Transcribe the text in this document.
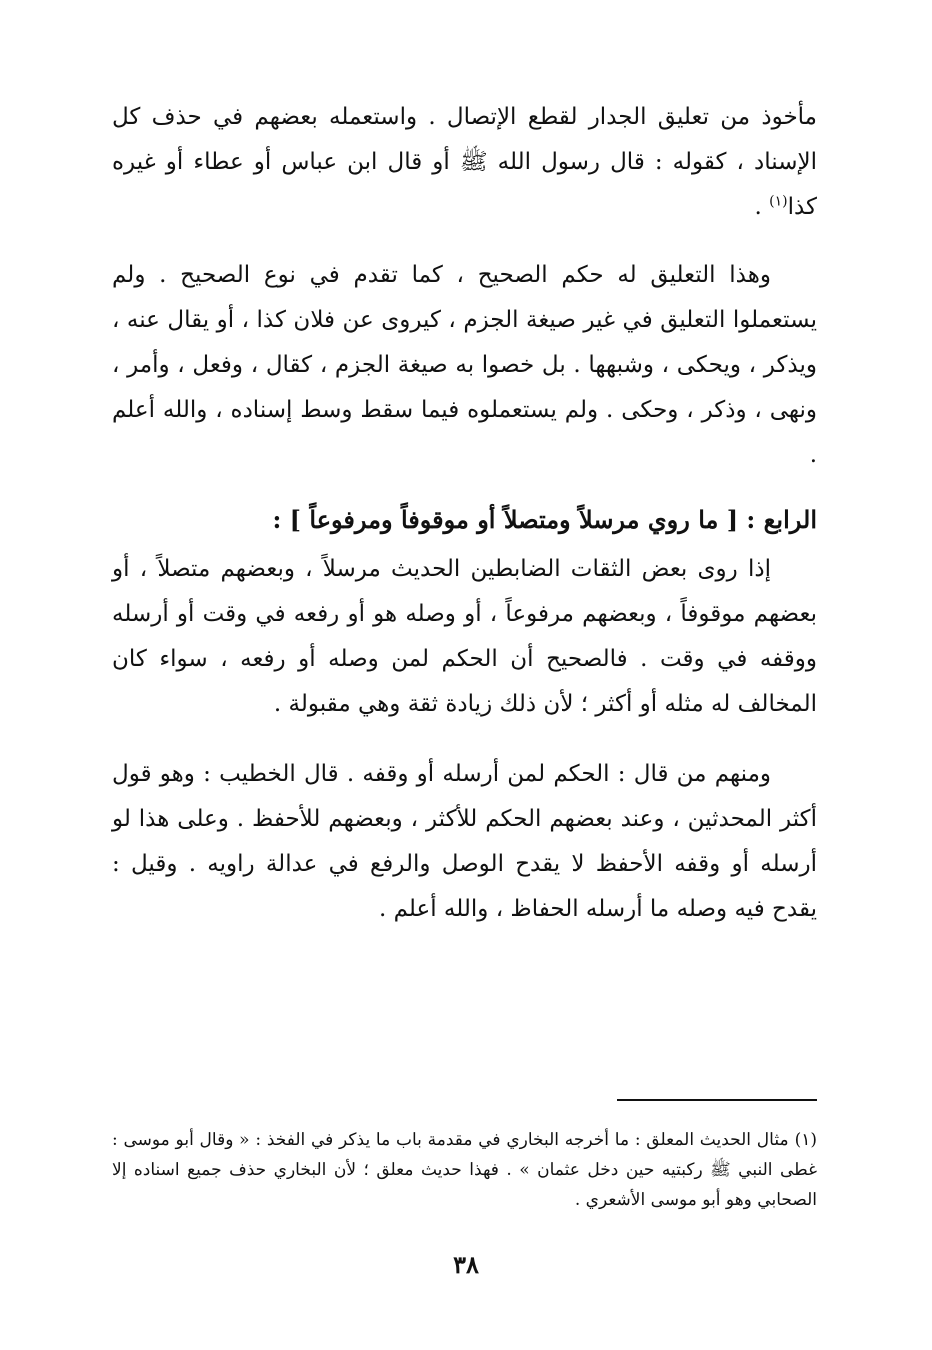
مأخوذ من تعليق الجدار لقطع الإتصال . واستعمله بعضهم في حذف كل الإسناد ، كقوله : قال رسول الله ﷺ أو قال ابن عباس أو عطاء أو غيره كذا$^{(١)}$ .

وهذا التعليق له حكم الصحيح ، كما تقدم في نوع الصحيح . ولم يستعملوا التعليق في غير صيغة الجزم ، كيروى عن فلان كذا ، أو يقال عنه ، ويذكر ، ويحكى ، وشبهها . بل خصوا به صيغة الجزم ، كقال ، وفعل ، وأمر ، ونهى ، وذكر ، وحكى . ولم يستعملوه فيما سقط وسط إسناده ، والله أعلم .

الرابع : [ ما روي مرسلاً ومتصلاً أو موقوفاً ومرفوعاً ] :

إذا روى بعض الثقات الضابطين الحديث مرسلاً ، وبعضهم متصلاً ، أو بعضهم موقوفاً ، وبعضهم مرفوعاً ، أو وصله هو أو رفعه في وقت أو أرسله ووقفه في وقت . فالصحيح أن الحكم لمن وصله أو رفعه ، سواء كان المخالف له مثله أو أكثر ؛ لأن ذلك زيادة ثقة وهي مقبولة .

ومنهم من قال : الحكم لمن أرسله أو وقفه . قال الخطيب : وهو قول أكثر المحدثين ، وعند بعضهم الحكم للأكثر ، وبعضهم للأحفظ . وعلى هذا لو أرسله أو وقفه الأحفظ لا يقدح الوصل والرفع في عدالة راويه . وقيل : يقدح فيه وصله ما أرسله الحفاظ ، والله أعلم .

(١)مثال الحديث المعلق : ما أخرجه البخاري في مقدمة باب ما يذكر في الفخذ : « وقال أبو موسى : غطى النبي ﷺ ركبتيه حين دخل عثمان » . فهذا حديث معلق ؛ لأن البخاري حذف جميع اسناده إلا الصحابي وهو أبو موسى الأشعري .
٣٨
